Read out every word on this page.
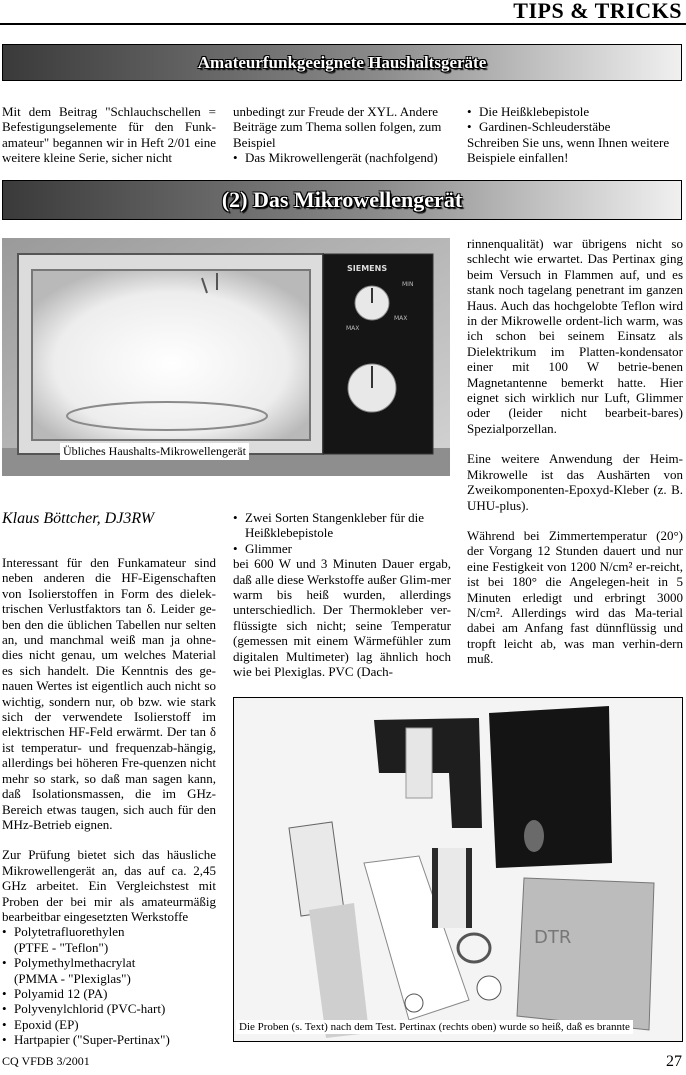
TIPS & TRICKS
Amateurfunkgeeignete Haushaltsgeräte

Mit dem Beitrag "Schlauchschellen = Befestigungselemente für den Funk-amateur" begannen wir in Heft 2/01 eine weitere kleine Serie, sicher nicht

unbedingt zur Freude der XYL. Andere Beiträge zum Thema sollen folgen, zum Beispiel

• Das Mikrowellengerät (nachfolgend)
• Die Heißklebepistole
• Gardinen-Schleuderstäbe

Schreiben Sie uns, wenn Ihnen weitere Beispiele einfallen!

(2) Das Mikrowellengerät
SIEMENS
MAX
MIN
MAX
Übliches Haushalts-Mikrowellengerät
Klaus Böttcher, DJ3RW

Interessant für den Funkamateur sind neben anderen die HF-Eigenschaften von Isolierstoffen in Form des dielek-trischen Verlustfaktors tan δ. Leider ge-ben den die üblichen Tabellen nur selten an, und manchmal weiß man ja ohne-dies nicht genau, um welches Material es sich handelt. Die Kenntnis des ge-nauen Wertes ist eigentlich auch nicht so wichtig, sondern nur, ob bzw. wie stark sich der verwendete Isolierstoff im elektrischen HF-Feld erwärmt. Der tan δ ist temperatur- und frequenzab-hängig, allerdings bei höheren Fre-quenzen nicht mehr so stark, so daß man sagen kann, daß Isolationsmassen, die im GHz-Bereich etwas taugen, sich auch für den MHz-Betrieb eignen.

Zur Prüfung bietet sich das häusliche Mikrowellengerät an, das auf ca. 2,45 GHz arbeitet. Ein Vergleichstest mit Proben der bei mir als amateurmäßig bearbeitbar eingesetzten Werkstoffe

• Polytetrafluorethylen
(PTFE - "Teflon")
• Polymethylmethacrylat
(PMMA - "Plexiglas")
• Polyamid 12 (PA)
• Polyvenylchlorid (PVC-hart)
• Epoxid (EP)
• Hartpapier ("Super-Pertinax")
• Zwei Sorten Stangenkleber für die
Heißklebepistole
• Glimmer

bei 600 W und 3 Minuten Dauer ergab, daß alle diese Werkstoffe außer Glim-mer warm bis heiß wurden, allerdings unterschiedlich. Der Thermokleber ver-flüssigte sich nicht; seine Temperatur (gemessen mit einem Wärmefühler zum digitalen Multimeter) lag ähnlich hoch wie bei Plexiglas. PVC (Dach-

rinnenqualität) war übrigens nicht so schlecht wie erwartet. Das Pertinax ging beim Versuch in Flammen auf, und es stank noch tagelang penetrant im ganzen Haus. Auch das hochgelobte Teflon wird in der Mikrowelle ordent-lich warm, was ich schon bei seinem Einsatz als Dielektrikum im Platten-kondensator einer mit 100 W betrie-benen Magnetantenne bemerkt hatte. Hier eignet sich wirklich nur Luft, Glimmer oder (leider nicht bearbeit-bares) Spezialporzellan.

Eine weitere Anwendung der Heim-Mikrowelle ist das Aushärten von Zweikomponenten-Epoxyd-Kleber (z. B. UHU-plus).

Während bei Zimmertemperatur (20°) der Vorgang 12 Stunden dauert und nur eine Festigkeit von 1200 N/cm² er-reicht, ist bei 180° die Angelegen-heit in 5 Minuten erledigt und erbringt 3000 N/cm². Allerdings wird das Ma-terial dabei am Anfang fast dünnflüssig und tropft leicht ab, was man verhin-dern muß.

DTR
Die Proben (s. Text) nach dem Test. Pertinax (rechts oben) wurde so heiß, daß es brannte
CQ VFDB 3/2001	27
